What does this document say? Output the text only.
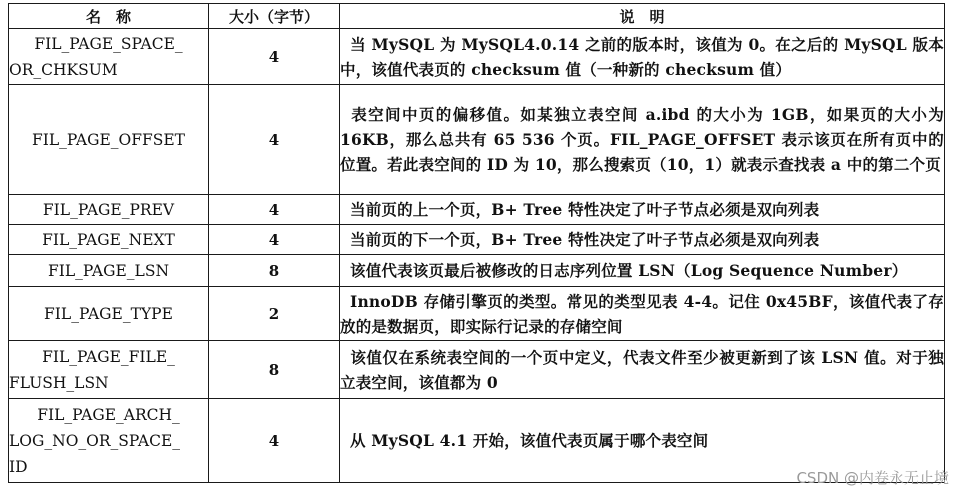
名　称	大小（字节）	说　明

FIL_PAGE_SPACE_
OR_CHKSUM	4	当 MySQL 为 MySQL4.0.14 之前的版本时，该值为 0。在之后的 MySQL 版本中，该值代表页的 checksum 值（一种新的 checksum 值）

FIL_PAGE_OFFSET	4	表空间中页的偏移值。如某独立表空间 a.ibd 的大小为 1GB，如果页的大小为 16KB，那么总共有 65 536 个页。FIL_PAGE_OFFSET 表示该页在所有页中的位置。若此表空间的 ID 为 10，那么搜索页（10，1）就表示查找表 a 中的第二个页

FIL_PAGE_PREV	4	当前页的上一个页，B+ Tree 特性决定了叶子节点必须是双向列表

FIL_PAGE_NEXT	4	当前页的下一个页，B+ Tree 特性决定了叶子节点必须是双向列表

FIL_PAGE_LSN	8	该值代表该页最后被修改的日志序列位置 LSN（Log Sequence Number）

FIL_PAGE_TYPE	2	InnoDB 存储引擎页的类型。常见的类型见表 4-4。记住 0x45BF，该值代表了存放的是数据页，即实际行记录的存储空间

FIL_PAGE_FILE_
FLUSH_LSN	8	该值仅在系统表空间的一个页中定义，代表文件至少被更新到了该 LSN 值。对于独立表空间，该值都为 0

FIL_PAGE_ARCH_
LOG_NO_OR_SPACE_
ID	4	从 MySQL 4.1 开始，该值代表页属于哪个表空间
CSDN @内卷永无止境
